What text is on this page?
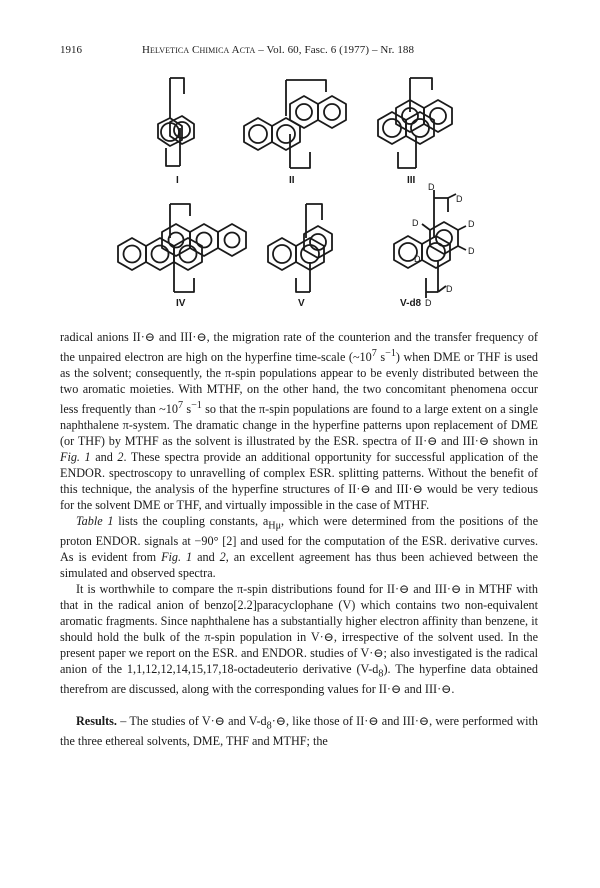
1916	Helvetica Chimica Acta – Vol. 60, Fasc. 6 (1977) – Nr. 188
I	II	III
IV	V
D
D
D	D
D
D
D
D
V-d8

radical anions II·⊖ and III·⊖, the migration rate of the counterion and the transfer frequency of the unpaired electron are high on the hyperfine time-scale ($\sim 10^7$ $s^{-1}$) when DME or THF is used as the solvent; consequently, the π-spin populations appear to be evenly distributed between the two aromatic moieties. With MTHF, on the other hand, the two concomitant phenomena occur less frequently than $\sim 10^7$ $s^{-1}$ so that the π-spin populations are found to a large extent on a single naphthalene π-system. The dramatic change in the hyperfine patterns upon replacement of DME (or THF) by MTHF as the solvent is illustrated by the ESR. spectra of II·⊖ and III·⊖ shown in Fig. 1 and 2. These spectra provide an additional opportunity for successful application of the ENDOR. spectroscopy to unravelling of complex ESR. splitting patterns. Without the benefit of this technique, the analysis of the hyperfine structures of II·⊖ and III·⊖ would be very tedious for the solvent DME or THF, and virtually impossible in the case of MTHF.

Table 1 lists the coupling constants, $a_{H\mu}$, which were determined from the positions of the proton ENDOR. signals at −90° [2] and used for the computation of the ESR. derivative curves. As is evident from Fig. 1 and 2, an excellent agreement has thus been achieved between the simulated and observed spectra.

It is worthwhile to compare the π-spin distributions found for II·⊖ and III·⊖ in MTHF with that in the radical anion of benzo[2.2]paracyclophane (V) which contains two non-equivalent aromatic fragments. Since naphthalene has a substantially higher electron affinity than benzene, it should hold the bulk of the π-spin population in V·⊖, irrespective of the solvent used. In the present paper we report on the ESR. and ENDOR. studies of V·⊖; also investigated is the radical anion of the 1,1,12,12,14,15,17,18-octadeuterio derivative $(V-d_8)$. The hyperfine data obtained therefrom are discussed, along with the corresponding values for II·⊖ and III·⊖.

Results. – The studies of V·⊖ and $V-d_8\cdot⊖$, like those of II·⊖ and III·⊖, were performed with the three ethereal solvents, DME, THF and MTHF; the
